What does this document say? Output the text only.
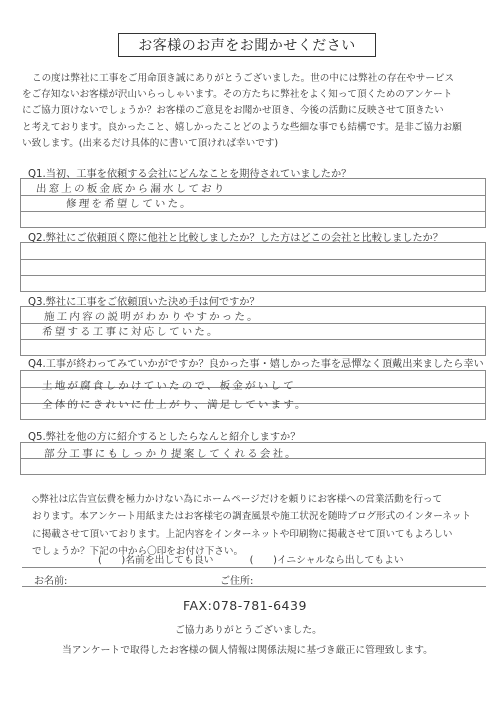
お客様のお声をお聞かせください

この度は弊社に工事をご用命頂き誠にありがとうございました。世の中には弊社の存在やサービス

をご存知ないお客様が沢山いらっしゃいます。その方たちに弊社をよく知って頂くためのアンケート

にご協力頂けないでしょうか？お客様のご意見をお聞かせ頂き、今後の活動に反映させて頂きたい

と考えております。良かったこと、嬉しかったことどのような些細な事でも結構です。是非ご協力お願

い致します。(出来るだけ具体的に書いて頂ければ幸いです)

Q1.当初、工事を依頼する会社にどんなことを期待されていましたか？
出窓上の板金底から漏水しており
修理を希望していた。
Q2.弊社にご依頼頂く際に他社と比較しましたか？した方はどこの会社と比較しましたか？
Q3.弊社に工事をご依頼頂いた決め手は何ですか？
施工内容の説明がわかりやすかった。
希望する工事に対応していた。
Q4.工事が終わってみていかがですか？良かった事・嬉しかった事を忌憚なく頂戴出来ましたら幸い
土地が腐食しかけていたので、板金がいして
全体的にきれいに仕上がり、満足しています。
Q5.弊社を他の方に紹介するとしたらなんと紹介しますか？
部分工事にもしっかり提案してくれる会社。

◇弊社は広告宣伝費を極力かけない為にホームページだけを頼りにお客様への営業活動を行って

おります。本アンケート用紙またはお客様宅の調査風景や施工状況を随時ブログ形式のインターネット

に掲載させて頂いております。上記内容をインターネットや印刷物に掲載させて頂いてもよろしい

でしょうか？下記の中から〇印をお付け下さい。

(　　)名前を出しても良い	(　　)イニシャルなら出してもよい
お名前:	ご住所:
FAX:078-781-6439
ご協力ありがとうございました。
当アンケートで取得したお客様の個人情報は関係法規に基づき厳正に管理致します。
